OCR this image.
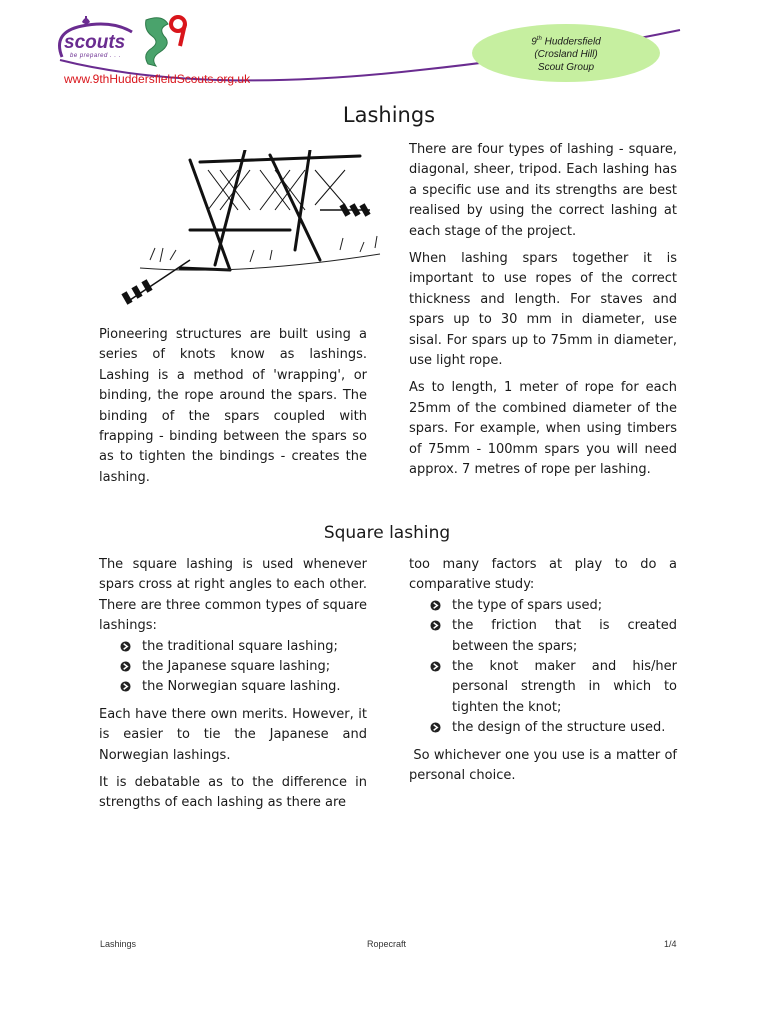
scouts
be prepared . . .
www.9thHuddersfieldScouts.org.uk
9th Huddersfield
(Crosland Hill)
Scout Group
Lashings

Pioneering structures are built using a series of knots know as lashings. Lashing is a method of 'wrapping', or binding, the rope around the spars. The binding of the spars coupled with frapping - binding between the spars so as to tighten the bindings - creates the lashing.

There are four types of lashing - square, diagonal, sheer, tripod. Each lashing has a specific use and its strengths are best realised by using the correct lashing at each stage of the project.

When lashing spars together it is important to use ropes of the correct thickness and length. For staves and spars up to 30 mm in diameter, use sisal. For spars up to 75mm in diameter, use light rope.

As to length, 1 meter of rope for each 25mm of the combined diameter of the spars. For example, when using timbers of 75mm - 100mm spars you will need approx. 7 metres of rope per lashing.

Square lashing

The square lashing is used whenever spars cross at right angles to each other. There are three common types of square lashings:

the traditional square lashing;
the Japanese square lashing;
the Norwegian square lashing.

Each have there own merits. However, it is easier to tie the Japanese and Norwegian lashings.

It is debatable as to the difference in strengths of each lashing as there are

too many factors at play to do a comparative study:

the type of spars used;
the friction that is created between the spars;
the knot maker and his/her personal strength in which to tighten the knot;
the design of the structure used.

So whichever one you use is a matter of personal choice.

Lashings	Ropecraft	1/4
